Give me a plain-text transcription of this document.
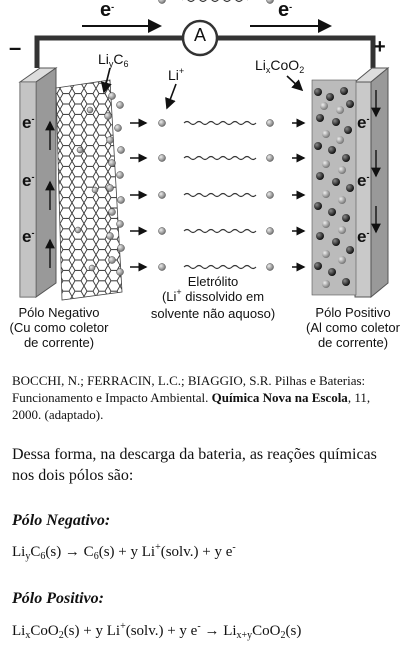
e-	e-
A
–	+
$Li_yC_6$
Li+	$Li_xCoO_2$
e-
e-
e-
e-
e-
e-
Pólo Negativo
(Cu como coletor
de corrente)
Eletrólito
(Li+ dissolvido em
solvente não aquoso)	Pólo Positivo
(Al como coletor
de corrente)
BOCCHI, N.; FERRACIN, L.C.; BIAGGIO, S.R. Pilhas e Baterias: Funcionamento e Impacto Ambiental. Química Nova na Escola, 11, 2000. (adaptado).
Dessa forma, na descarga da bateria, as reações químicas nos dois pólos são:
Pólo Negativo:
$Li_yC_6(s) \to C_6(s) + y$ Li+(solv.) + y e-
Pólo Positivo:
$Li_xCoO_2(s) + y$ Li+(solv.) + y $e^- \to Li_{x+y}CoO_2(s)$
